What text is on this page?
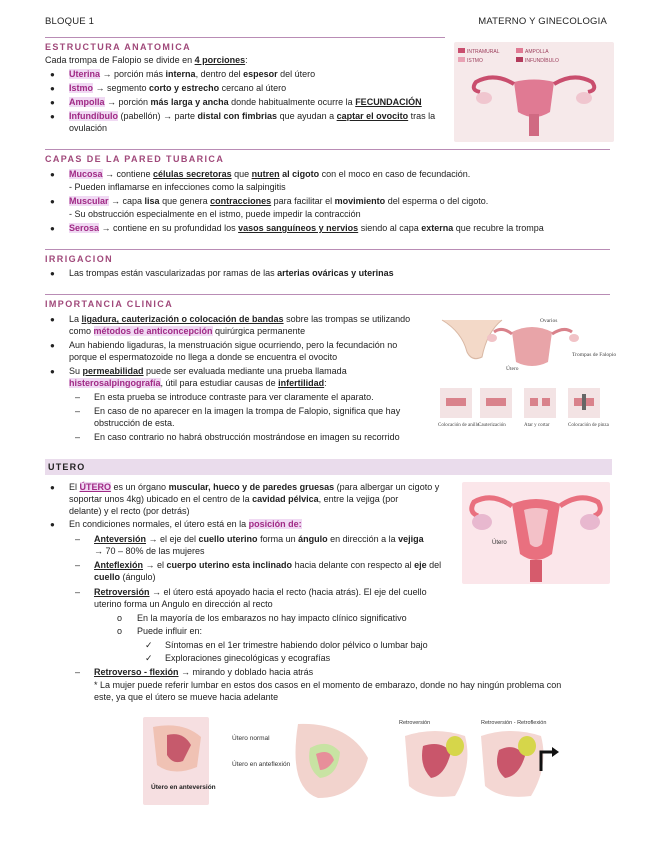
BLOQUE 1	MATERNO Y GINECOLOGIA
ESTRUCTURA ANATOMICA
Cada trompa de Falopio se divide en 4 porciones:
● Uterina → porción más interna, dentro del espesor del útero
● Istmo → segmento corto y estrecho cercano al útero
● Ampolla → porción más larga y ancha donde habitualmente ocurre la FECUNDACIÓN
● Infundíbulo (pabellón) → parte distal con fimbrias que ayudan a captar el ovocito tras la
ovulación
INTRAMURAL	AMPOLLA
ISTMO	INFUNDÍBULO
CAPAS DE LA PARED TUBARICA
● Mucosa → contiene células secretoras que nutren al cigoto con el moco en caso de fecundación.
- Pueden inflamarse en infecciones como la salpingitis
● Muscular → capa lisa que genera contracciones para facilitar el movimiento del esperma o del cigoto.
- Su obstrucción especialmente en el istmo, puede impedir la contracción
● Serosa → contiene en su profundidad los vasos sanguíneos y nervios siendo al capa externa que recubre la trompa
IRRIGACION
● Las trompas están vascularizadas por ramas de las arterias ováricas y uterinas
IMPORTANCIA CLINICA
● La ligadura, cauterización o colocación de bandas sobre las trompas se utilizando
como métodos de anticoncepción quirúrgica permanente
● Aun habiendo ligaduras, la menstruación sigue ocurriendo, pero la fecundación no
porque el espermatozoide no llega a donde se encuentra el ovocito
● Su permeabilidad puede ser evaluada mediante una prueba llamada
histerosalpingografía, útil para estudiar causas de infertilidad:
– En esta prueba se introduce contraste para ver claramente el aparato.
– En caso de no aparecer en la imagen la trompa de Falopio, significa que hay
obstrucción de esta.
– En caso contrario no habrá obstrucción mostrándose en imagen su recorrido
Ovarios
Útero
Trompas de Falopio
Colocación de anillo
Cauterización	Atar y cortar	Colocación de pinza
UTERO
● El ÚTERO es un órgano muscular, hueco y de paredes gruesas (para albergar un cigoto y
soportar unos 4kg) ubicado en el centro de la cavidad pélvica, entre la vejiga (por
delante) y el recto (por detrás)
● En condiciones normales, el útero está en la posición de:
– Anteversión → el eje del cuello uterino forma un ángulo en dirección a la vejiga
→ 70 – 80% de las mujeres
– Anteflexión → el cuerpo uterino esta inclinado hacia delante con respecto al eje del
cuello (ángulo)
– Retroversión → el útero está apoyado hacia el recto (hacia atrás). El eje del cuello
uterino forma un Angulo en dirección al recto
o En la mayoría de los embarazos no hay impacto clínico significativo
o Puede influir en:
✓ Síntomas en el 1er trimestre habiendo dolor pélvico o lumbar bajo
✓ Exploraciones ginecológicas y ecografías
– Retroverso - flexión → mirando y doblado hacia atrás
* La mujer puede referir lumbar en estos dos casos en el momento de embarazo, donde no hay ningún problema con
este, ya que el útero se mueve hacia adelante
Útero
Útero en anteversión
Útero normal
Útero en anteflexión
Retroversión	Retroversión - Retroflexión
